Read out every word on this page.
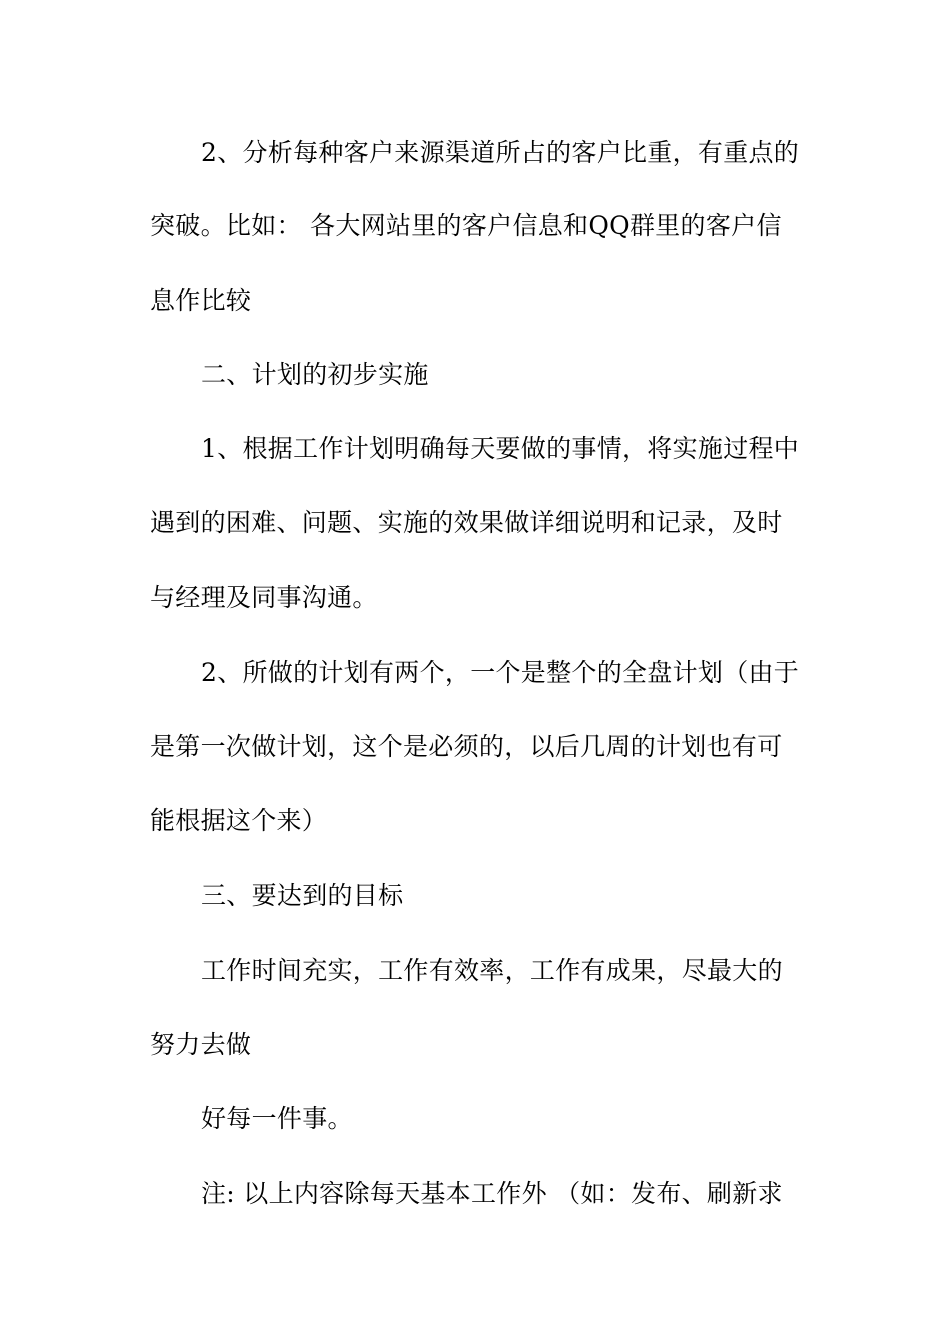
2、分析每种客户来源渠道所占的客户比重，有重点的
突破。比如： 各大网站里的客户信息和QQ群里的客户信
息作比较
二、计划的初步实施
1、根据工作计划明确每天要做的事情，将实施过程中
遇到的困难、问题、实施的效果做详细说明和记录，及时
与经理及同事沟通。
2、所做的计划有两个，一个是整个的全盘计划（由于
是第一次做计划，这个是必须的，以后几周的计划也有可
能根据这个来）
三、要达到的目标
工作时间充实，工作有效率，工作有成果，尽最大的
努力去做
好每一件事。
注: 以上内容除每天基本工作外 （如：发布、刷新求
